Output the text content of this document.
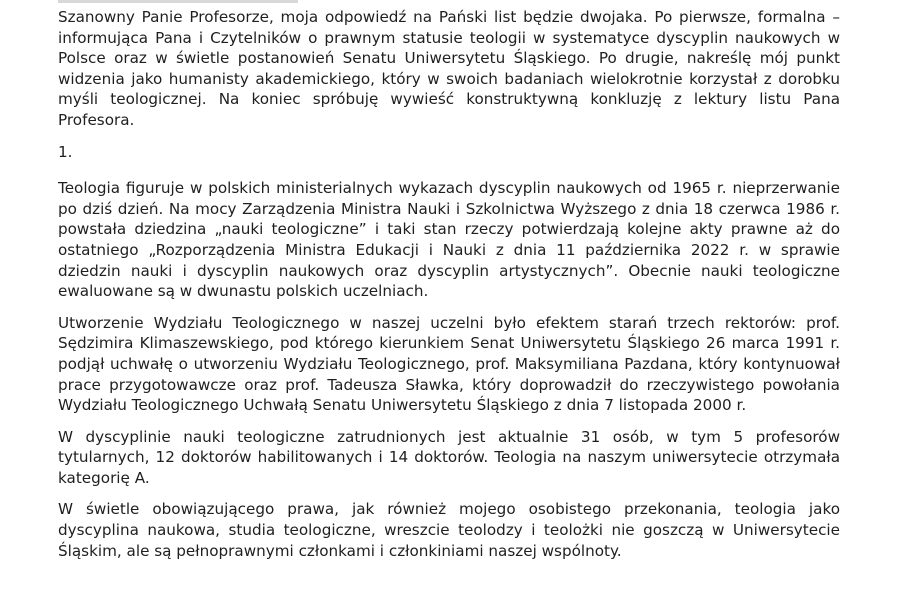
Szanowny Panie Profesorze, moja odpowiedź na Pański list będzie dwojaka. Po pierwsze, formalna – informująca Pana i Czytelników o prawnym statusie teologii w systematyce dyscyplin naukowych w Polsce oraz w świetle postanowień Senatu Uniwersytetu Śląskiego. Po drugie, nakreślę mój punkt widzenia jako humanisty akademickiego, który w swoich badaniach wielokrotnie korzystał z dorobku myśli teologicznej. Na koniec spróbuję wywieść konstruktywną konkluzję z lektury listu Pana Profesora.

1.

Teologia figuruje w polskich ministerialnych wykazach dyscyplin naukowych od 1965 r. nieprzerwanie po dziś dzień. Na mocy Zarządzenia Ministra Nauki i Szkolnictwa Wyższego z dnia 18 czerwca 1986 r. powstała dziedzina „nauki teologiczne” i taki stan rzeczy potwierdzają kolejne akty prawne aż do ostatniego „Rozporządzenia Ministra Edukacji i Nauki z dnia 11 października 2022 r. w sprawie dziedzin nauki i dyscyplin naukowych oraz dyscyplin artystycznych”. Obecnie nauki teologiczne ewaluowane są w dwunastu polskich uczelniach.

Utworzenie Wydziału Teologicznego w naszej uczelni było efektem starań trzech rektorów: prof. Sędzimira Klimaszewskiego, pod którego kierunkiem Senat Uniwersytetu Śląskiego 26 marca 1991 r. podjął uchwałę o utworzeniu Wydziału Teologicznego, prof. Maksymiliana Pazdana, który kontynuował prace przygotowawcze oraz prof. Tadeusza Sławka, który doprowadził do rzeczywistego powołania Wydziału Teologicznego Uchwałą Senatu Uniwersytetu Śląskiego z dnia 7 listopada 2000 r.

W dyscyplinie nauki teologiczne zatrudnionych jest aktualnie 31 osób, w tym 5 profesorów tytularnych, 12 doktorów habilitowanych i 14 doktorów. Teologia na naszym uniwersytecie otrzymała kategorię A.

W świetle obowiązującego prawa, jak również mojego osobistego przekonania, teologia jako dyscyplina naukowa, studia teologiczne, wreszcie teolodzy i teolożki nie goszczą w Uniwersytecie Śląskim, ale są pełnoprawnymi członkami i członkiniami naszej wspólnoty.
